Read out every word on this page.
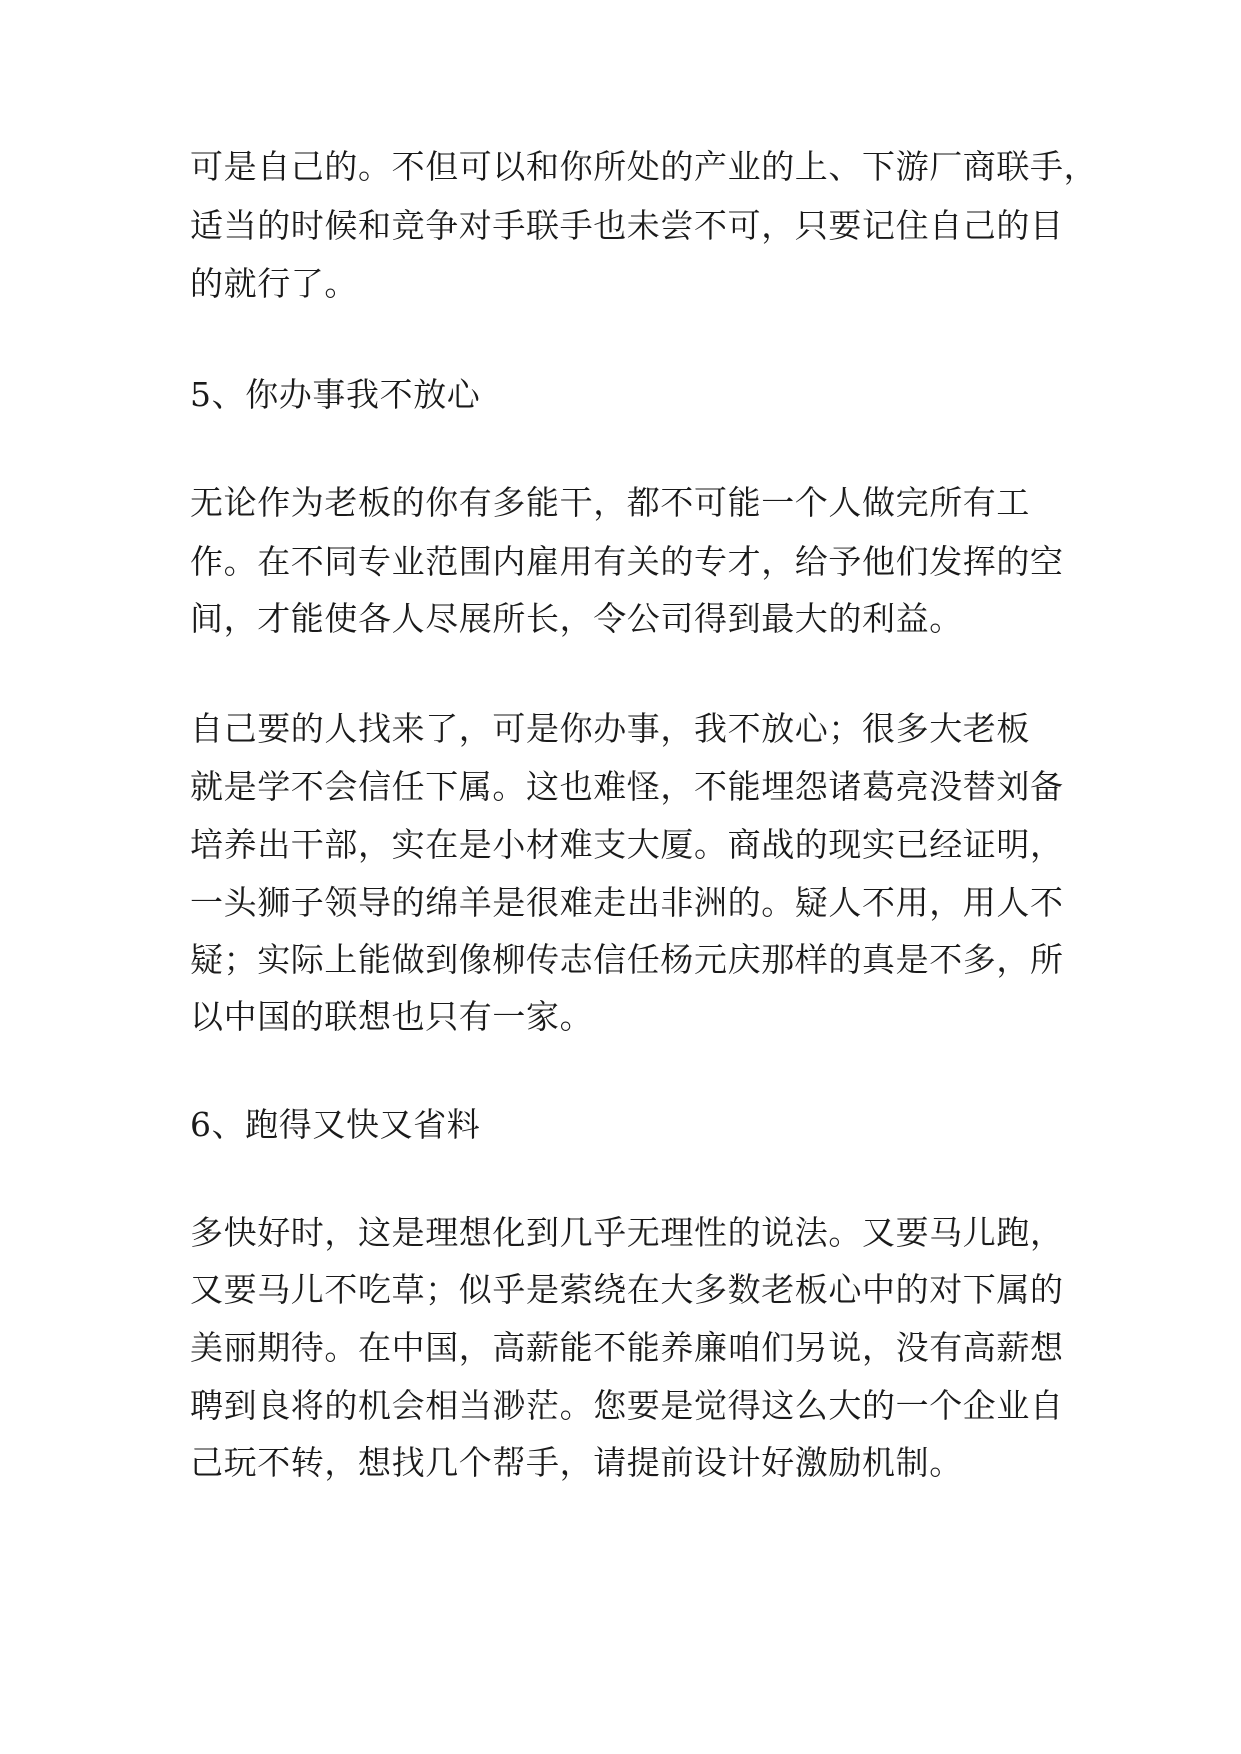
可是自己的。不但可以和你所处的产业的上、下游厂商联手，
适当的时候和竞争对手联手也未尝不可，只要记住自己的目
的就行了。
5、你办事我不放心
无论作为老板的你有多能干，都不可能一个人做完所有工
作。在不同专业范围内雇用有关的专才，给予他们发挥的空
间，才能使各人尽展所长，令公司得到最大的利益。
自己要的人找来了，可是你办事，我不放心；很多大老板
就是学不会信任下属。这也难怪，不能埋怨诸葛亮没替刘备
培养出干部，实在是小材难支大厦。商战的现实已经证明，
一头狮子领导的绵羊是很难走出非洲的。疑人不用，用人不
疑；实际上能做到像柳传志信任杨元庆那样的真是不多，所
以中国的联想也只有一家。
6、跑得又快又省料
多快好时，这是理想化到几乎无理性的说法。又要马儿跑，
又要马儿不吃草；似乎是萦绕在大多数老板心中的对下属的
美丽期待。在中国，高薪能不能养廉咱们另说，没有高薪想
聘到良将的机会相当渺茫。您要是觉得这么大的一个企业自
己玩不转，想找几个帮手，请提前设计好激励机制。
